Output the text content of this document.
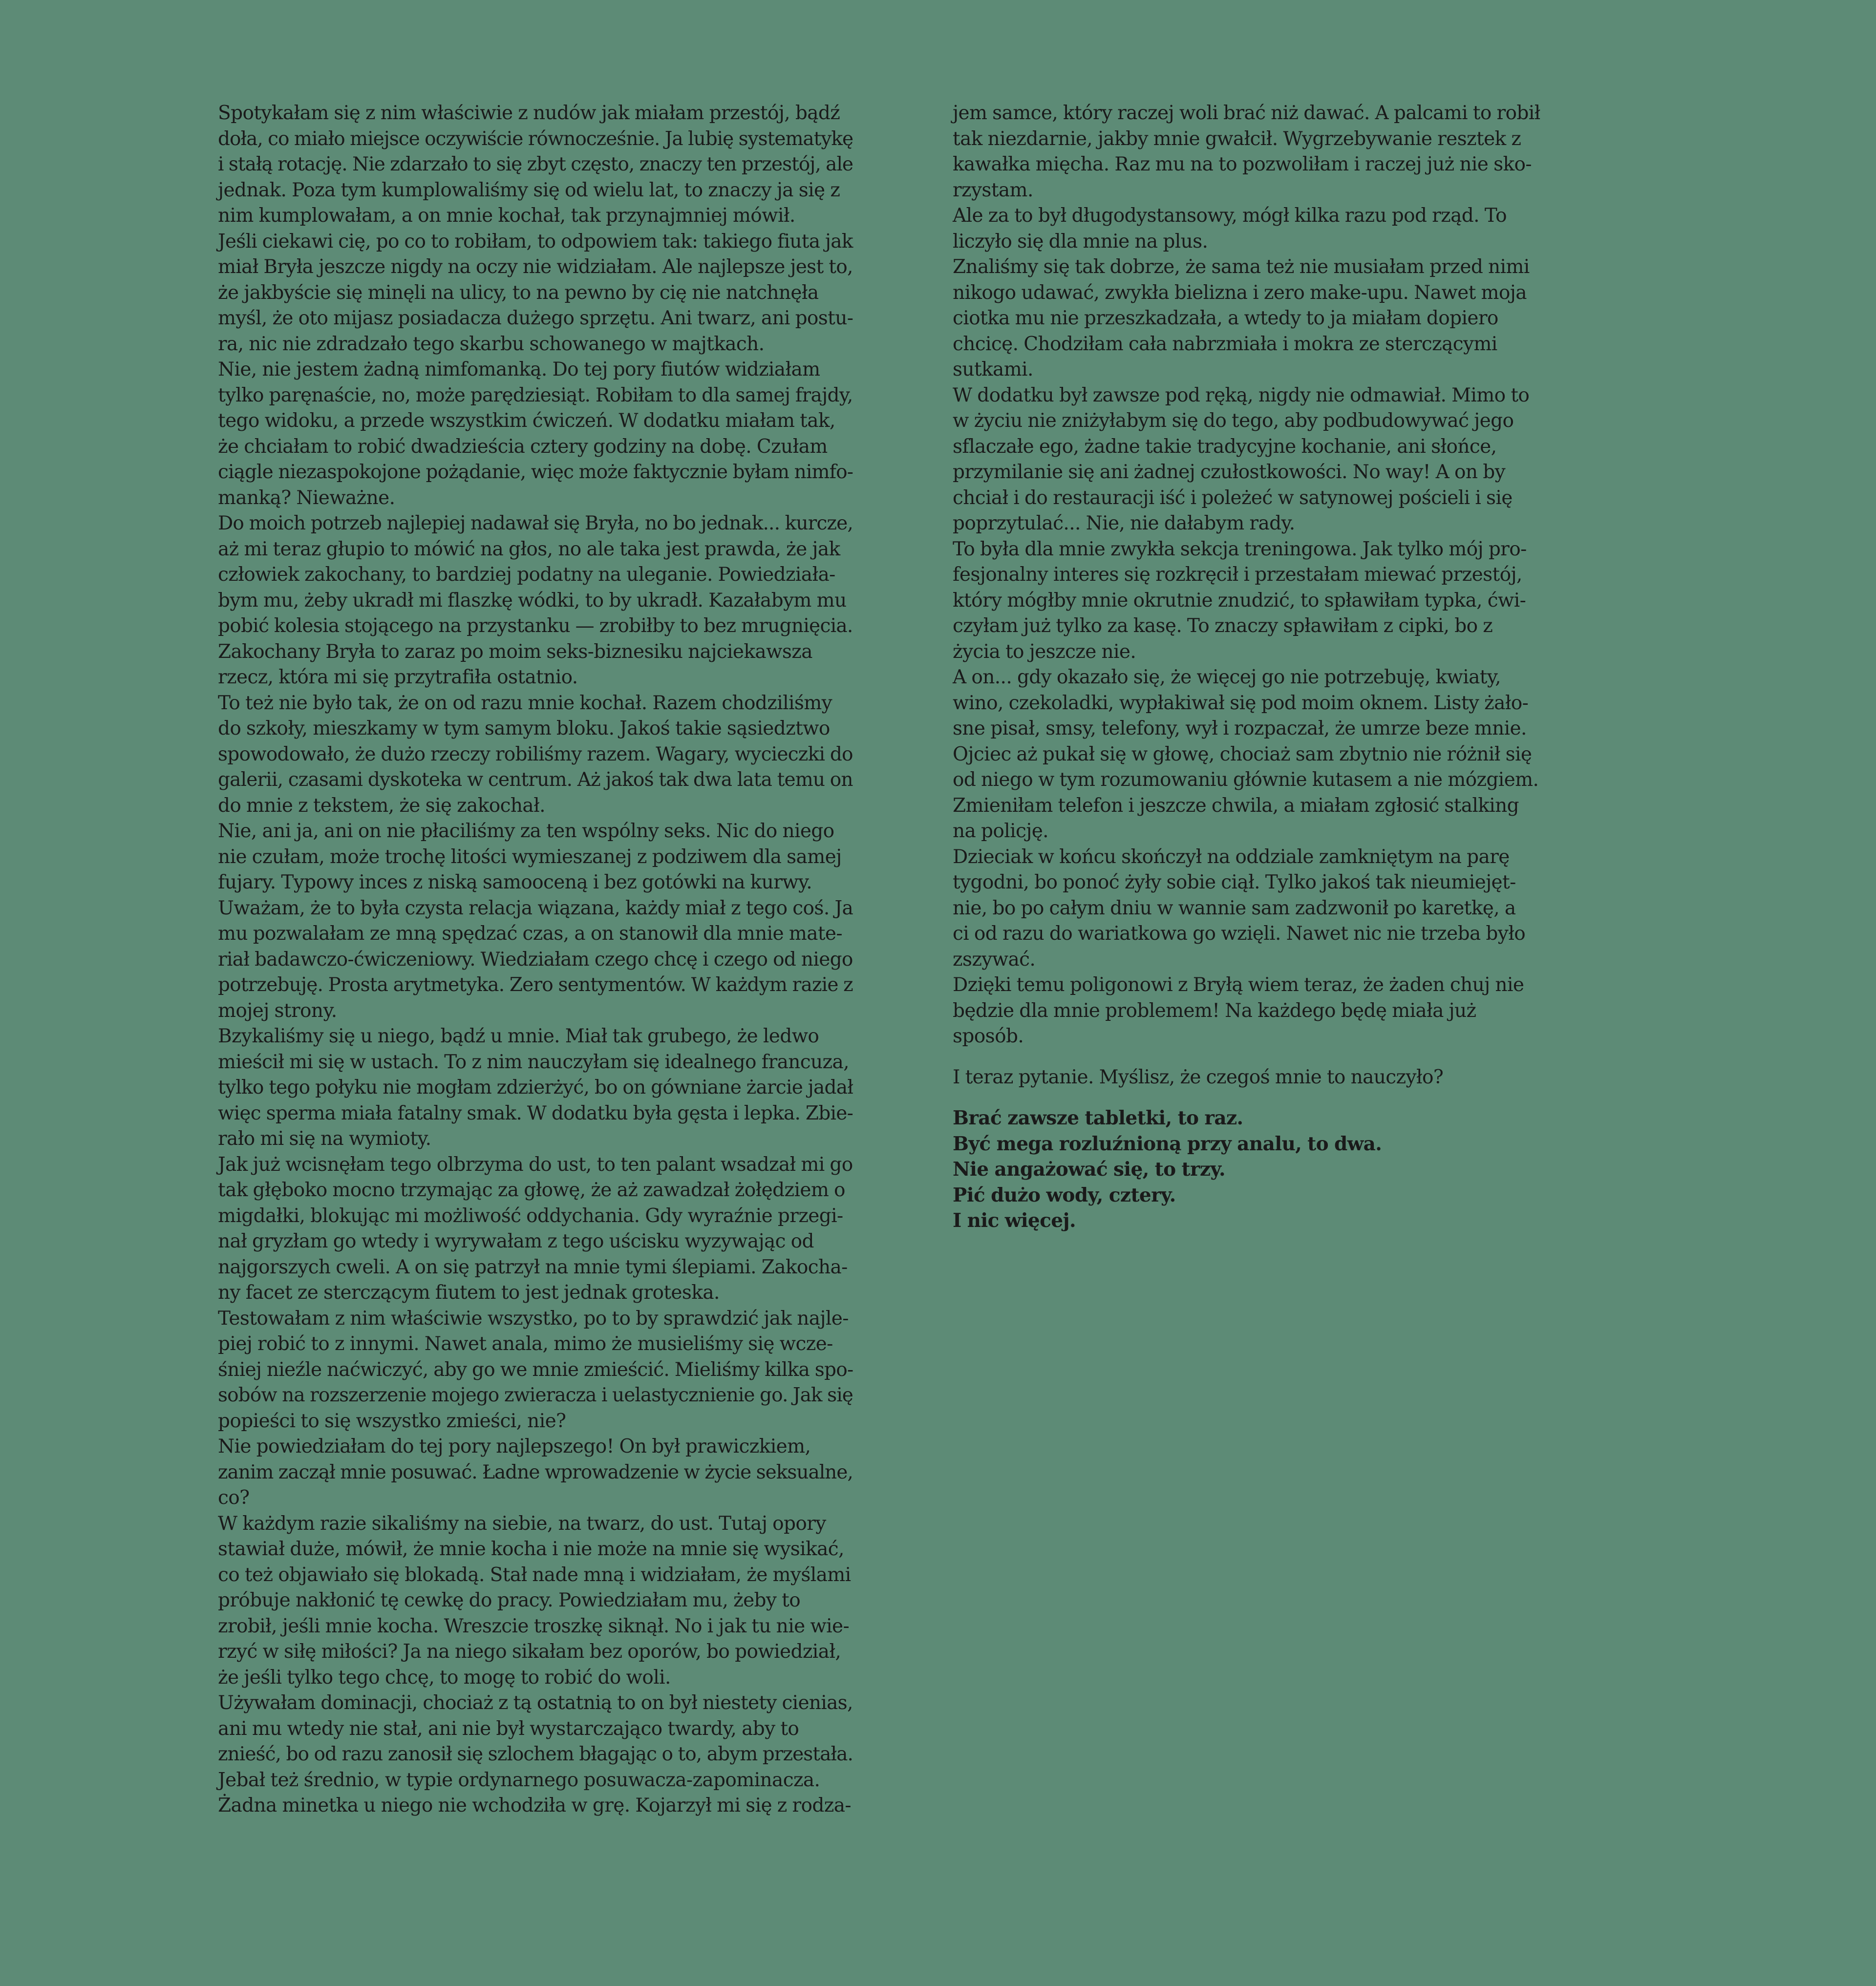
Spotykałam się z nim właściwie z nudów jak miałam przestój, bądź
doła, co miało miejsce oczywiście równocześnie. Ja lubię systematykę
i stałą rotację. Nie zdarzało to się zbyt często, znaczy ten przestój, ale
jednak. Poza tym kumplowaliśmy się od wielu lat, to znaczy ja się z
nim kumplowałam, a on mnie kochał, tak przynajmniej mówił.
Jeśli ciekawi cię, po co to robiłam, to odpowiem tak: takiego fiuta jak
miał Bryła jeszcze nigdy na oczy nie widziałam. Ale najlepsze jest to,
że jakbyście się minęli na ulicy, to na pewno by cię nie natchnęła
myśl, że oto mijasz posiadacza dużego sprzętu. Ani twarz, ani postu-
ra, nic nie zdradzało tego skarbu schowanego w majtkach.
Nie, nie jestem żadną nimfomanką. Do tej pory fiutów widziałam
tylko paręnaście, no, może parędziesiąt. Robiłam to dla samej frajdy,
tego widoku, a przede wszystkim ćwiczeń. W dodatku miałam tak,
że chciałam to robić dwadzieścia cztery godziny na dobę. Czułam
ciągle niezaspokojone pożądanie, więc może faktycznie byłam nimfo-
manką? Nieważne.
Do moich potrzeb najlepiej nadawał się Bryła, no bo jednak... kurcze,
aż mi teraz głupio to mówić na głos, no ale taka jest prawda, że jak
człowiek zakochany, to bardziej podatny na uleganie. Powiedziała-
bym mu, żeby ukradł mi flaszkę wódki, to by ukradł. Kazałabym mu
pobić kolesia stojącego na przystanku — zrobiłby to bez mrugnięcia.
Zakochany Bryła to zaraz po moim seks-biznesiku najciekawsza
rzecz, która mi się przytrafiła ostatnio.
To też nie było tak, że on od razu mnie kochał. Razem chodziliśmy
do szkoły, mieszkamy w tym samym bloku. Jakoś takie sąsiedztwo
spowodowało, że dużo rzeczy robiliśmy razem. Wagary, wycieczki do
galerii, czasami dyskoteka w centrum. Aż jakoś tak dwa lata temu on
do mnie z tekstem, że się zakochał.
Nie, ani ja, ani on nie płaciliśmy za ten wspólny seks. Nic do niego
nie czułam, może trochę litości wymieszanej z podziwem dla samej
fujary. Typowy inces z niską samooceną i bez gotówki na kurwy.
Uważam, że to była czysta relacja wiązana, każdy miał z tego coś. Ja
mu pozwalałam ze mną spędzać czas, a on stanowił dla mnie mate-
riał badawczo-ćwiczeniowy. Wiedziałam czego chcę i czego od niego
potrzebuję. Prosta arytmetyka. Zero sentymentów. W każdym razie z
mojej strony.
Bzykaliśmy się u niego, bądź u mnie. Miał tak grubego, że ledwo
mieścił mi się w ustach. To z nim nauczyłam się idealnego francuza,
tylko tego połyku nie mogłam zdzierżyć, bo on gówniane żarcie jadał
więc sperma miała fatalny smak. W dodatku była gęsta i lepka. Zbie-
rało mi się na wymioty.
Jak już wcisnęłam tego olbrzyma do ust, to ten palant wsadzał mi go
tak głęboko mocno trzymając za głowę, że aż zawadzał żołędziem o
migdałki, blokując mi możliwość oddychania. Gdy wyraźnie przegi-
nał gryzłam go wtedy i wyrywałam z tego uścisku wyzywając od
najgorszych cweli. A on się patrzył na mnie tymi ślepiami. Zakocha-
ny facet ze sterczącym fiutem to jest jednak groteska.
Testowałam z nim właściwie wszystko, po to by sprawdzić jak najle-
piej robić to z innymi. Nawet anala, mimo że musieliśmy się wcze-
śniej nieźle naćwiczyć, aby go we mnie zmieścić. Mieliśmy kilka spo-
sobów na rozszerzenie mojego zwieracza i uelastycznienie go. Jak się
popieści to się wszystko zmieści, nie?
Nie powiedziałam do tej pory najlepszego! On był prawiczkiem,
zanim zaczął mnie posuwać. Ładne wprowadzenie w życie seksualne,
co?
W każdym razie sikaliśmy na siebie, na twarz, do ust. Tutaj opory
stawiał duże, mówił, że mnie kocha i nie może na mnie się wysikać,
co też objawiało się blokadą. Stał nade mną i widziałam, że myślami
próbuje nakłonić tę cewkę do pracy. Powiedziałam mu, żeby to
zrobił, jeśli mnie kocha. Wreszcie troszkę siknął. No i jak tu nie wie-
rzyć w siłę miłości? Ja na niego sikałam bez oporów, bo powiedział,
że jeśli tylko tego chcę, to mogę to robić do woli.
Używałam dominacji, chociaż z tą ostatnią to on był niestety cienias,
ani mu wtedy nie stał, ani nie był wystarczająco twardy, aby to
znieść, bo od razu zanosił się szlochem błagając o to, abym przestała.
Jebał też średnio, w typie ordynarnego posuwacza-zapominacza.
Żadna minetka u niego nie wchodziła w grę. Kojarzył mi się z rodza-
jem samce, który raczej woli brać niż dawać. A palcami to robił
tak niezdarnie, jakby mnie gwałcił. Wygrzebywanie resztek z
kawałka mięcha. Raz mu na to pozwoliłam i raczej już nie sko-
rzystam.
Ale za to był długodystansowy, mógł kilka razu pod rząd. To
liczyło się dla mnie na plus.
Znaliśmy się tak dobrze, że sama też nie musiałam przed nimi
nikogo udawać, zwykła bielizna i zero make-upu. Nawet moja
ciotka mu nie przeszkadzała, a wtedy to ja miałam dopiero
chcicę. Chodziłam cała nabrzmiała i mokra ze sterczącymi
sutkami.
W dodatku był zawsze pod ręką, nigdy nie odmawiał. Mimo to
w życiu nie zniżyłabym się do tego, aby podbudowywać jego
sflaczałe ego, żadne takie tradycyjne kochanie, ani słońce,
przymilanie się ani żadnej czułostkowości. No way! A on by
chciał i do restauracji iść i poleżeć w satynowej pościeli i się
poprzytulać... Nie, nie dałabym rady.
To była dla mnie zwykła sekcja treningowa. Jak tylko mój pro-
fesjonalny interes się rozkręcił i przestałam miewać przestój,
który mógłby mnie okrutnie znudzić, to spławiłam typka, ćwi-
czyłam już tylko za kasę. To znaczy spławiłam z cipki, bo z
życia to jeszcze nie.
A on... gdy okazało się, że więcej go nie potrzebuję, kwiaty,
wino, czekoladki, wypłakiwał się pod moim oknem. Listy żało-
sne pisał, smsy, telefony, wył i rozpaczał, że umrze beze mnie.
Ojciec aż pukał się w głowę, chociaż sam zbytnio nie różnił się
od niego w tym rozumowaniu głównie kutasem a nie mózgiem.
Zmieniłam telefon i jeszcze chwila, a miałam zgłosić stalking
na policję.
Dzieciak w końcu skończył na oddziale zamkniętym na parę
tygodni, bo ponoć żyły sobie ciął. Tylko jakoś tak nieumiejęt-
nie, bo po całym dniu w wannie sam zadzwonił po karetkę, a
ci od razu do wariatkowa go wzięli. Nawet nic nie trzeba było
zszywać.
Dzięki temu poligonowi z Bryłą wiem teraz, że żaden chuj nie
będzie dla mnie problemem! Na każdego będę miała już
sposób.
I teraz pytanie. Myślisz, że czegoś mnie to nauczyło?
Brać zawsze tabletki, to raz.
Być mega rozluźnioną przy analu, to dwa.
Nie angażować się, to trzy.
Pić dużo wody, cztery.
I nic więcej.
